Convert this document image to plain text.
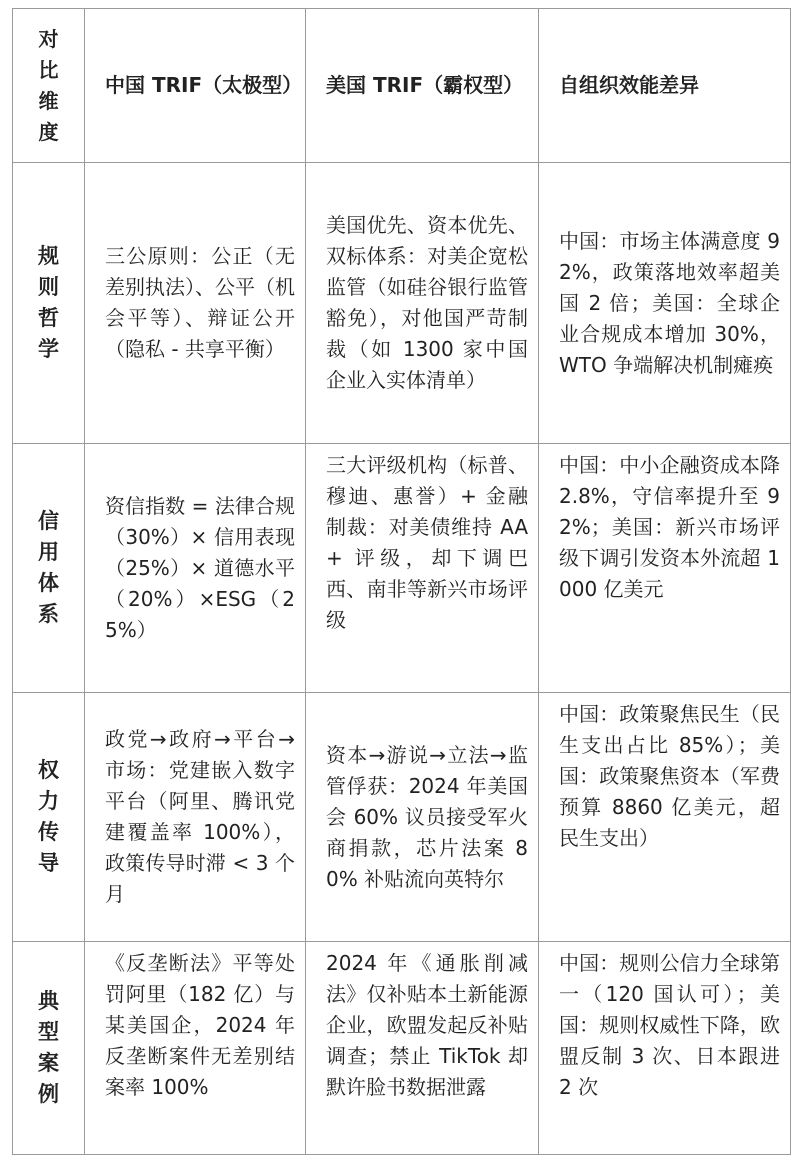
对比维度	中国 TRIF（太极型）	美国 TRIF（霸权型）	自组织效能差异
规则哲学	三公原则：公正（无差别执法）、公平（机会平等）、辩证公开（隐私 - 共享平衡）	美国优先、资本优先、双标体系：对美企宽松监管（如硅谷银行监管豁免），对他国严苛制裁（如 1300 家中国企业入实体清单）	中国：市场主体满意度 92%，政策落地效率超美国 2 倍；美国：全球企业合规成本增加 30%，WTO 争端解决机制瘫痪
信用体系	资信指数 = 法律合规（30%）× 信用表现（25%）× 道德水平（20%）×ESG（25%）	三大评级机构（标普、穆迪、惠誉）+ 金融制裁：对美债维持 AA + 评级，却下调巴西、南非等新兴市场评级	中国：中小企融资成本降 2.8%，守信率提升至 92%；美国：新兴市场评级下调引发资本外流超 1000 亿美元
权力传导	政党→政府→平台→市场：党建嵌入数字平台（阿里、腾讯党建覆盖率 100%），政策传导时滞 < 3 个月	资本→游说→立法→监管俘获：2024 年美国会 60% 议员接受军火商捐款，芯片法案 80% 补贴流向英特尔	中国：政策聚焦民生（民生支出占比 85%）；美国：政策聚焦资本（军费预算 8860 亿美元，超民生支出）
典型案例	《反垄断法》平等处罚阿里（182 亿）与某美国企，2024 年反垄断案件无差别结案率 100%	2024 年《通胀削减法》仅补贴本土新能源企业，欧盟发起反补贴调查；禁止 TikTok 却默许脸书数据泄露	中国：规则公信力全球第一（120 国认可）；美国：规则权威性下降，欧盟反制 3 次、日本跟进 2 次
